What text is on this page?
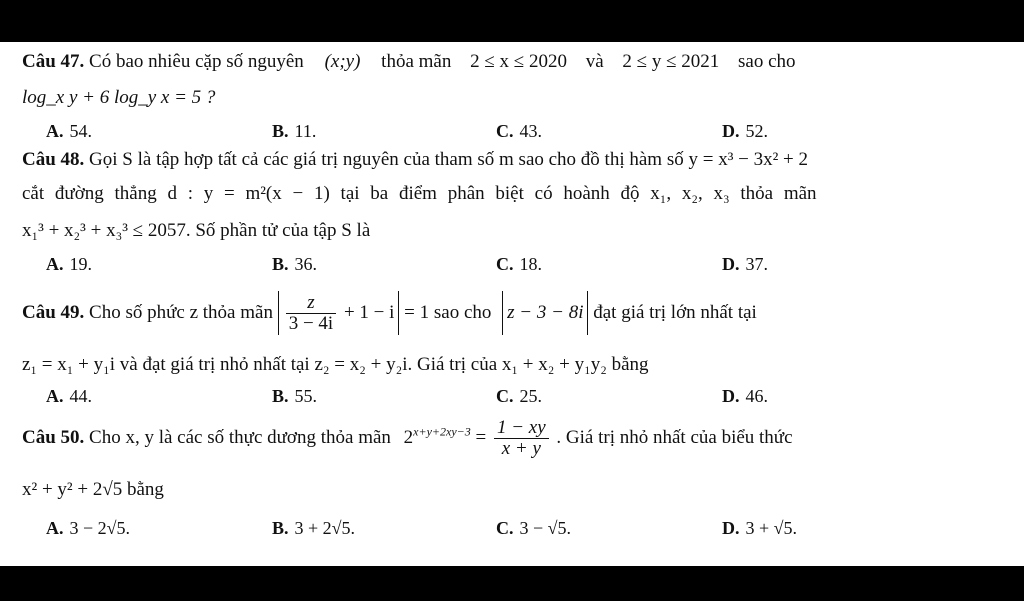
Câu 47. Có bao nhiêu cặp số nguyên (x;y) thỏa mãn 2 ≤ x ≤ 2020 và 2 ≤ y ≤ 2021 sao cho
log_x y + 6 log_y x = 5 ?
A. 54.	B. 11.	C. 43.	D. 52.
Câu 48. Gọi S là tập hợp tất cả các giá trị nguyên của tham số m sao cho đồ thị hàm số y = x³ − 3x² + 2
cắt đường thẳng d : y = m²(x − 1) tại ba điểm phân biệt có hoành độ x₁, x₂, x₃ thỏa mãn
x₁³ + x₂³ + x₃³ ≤ 2057. Số phần tử của tập S là
A. 19.	B. 36.	C. 18.	D. 37.
Câu 49. Cho số phức z thỏa mãn $\frac{z}{3 - 4i} + 1 - i = 1$ sao cho z − 3 − 8i đạt giá trị lớn nhất tại
z₁ = x₁ + y₁i và đạt giá trị nhỏ nhất tại z₂ = x₂ + y₂i. Giá trị của x₁ + x₂ + y₁y₂ bằng
A. 44.	B. 55.	C. 25.	D. 46.
Câu 50. Cho x, y là các số thực dương thỏa mãn $2^{x+y+2xy-3} = \frac{1 - xy}{x + y}$ . Giá trị nhỏ nhất của biểu thức
x² + y² + 2√5 bằng
A. 3 − 2√5.	B. 3 + 2√5.	C. 3 − √5.	D. 3 + √5.
